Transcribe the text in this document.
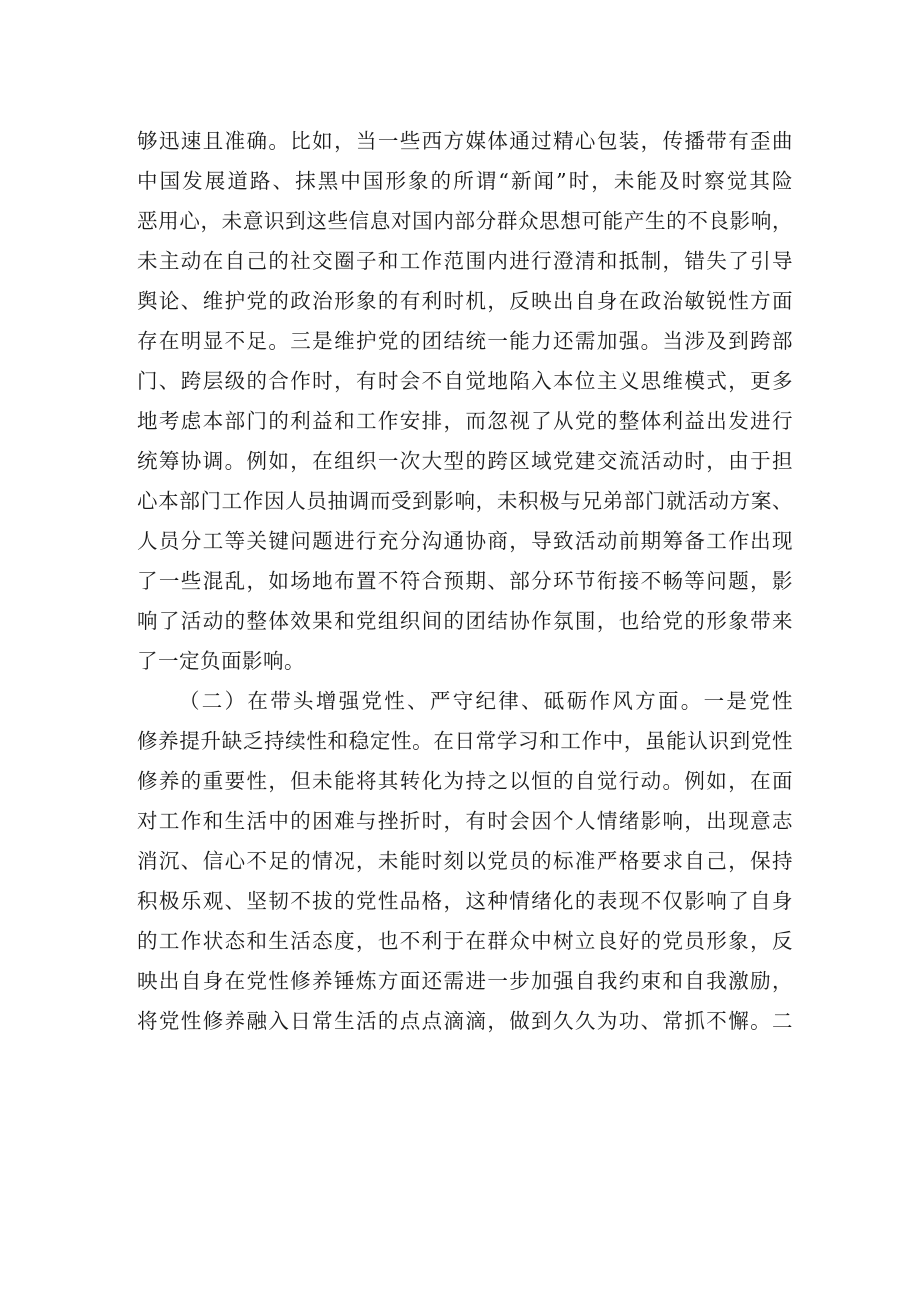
够迅速且准确。比如，当一些西方媒体通过精心包装，传播带有歪曲
中国发展道路、抹黑中国形象的所谓“新闻”时，未能及时察觉其险
恶用心，未意识到这些信息对国内部分群众思想可能产生的不良影响，
未主动在自己的社交圈子和工作范围内进行澄清和抵制，错失了引导
舆论、维护党的政治形象的有利时机，反映出自身在政治敏锐性方面
存在明显不足。三是维护党的团结统一能力还需加强。当涉及到跨部
门、跨层级的合作时，有时会不自觉地陷入本位主义思维模式，更多
地考虑本部门的利益和工作安排，而忽视了从党的整体利益出发进行
统筹协调。例如，在组织一次大型的跨区域党建交流活动时，由于担
心本部门工作因人员抽调而受到影响，未积极与兄弟部门就活动方案、
人员分工等关键问题进行充分沟通协商，导致活动前期筹备工作出现
了一些混乱，如场地布置不符合预期、部分环节衔接不畅等问题，影
响了活动的整体效果和党组织间的团结协作氛围，也给党的形象带来
了一定负面影响。
（二）在带头增强党性、严守纪律、砥砺作风方面。一是党性
修养提升缺乏持续性和稳定性。在日常学习和工作中，虽能认识到党性
修养的重要性，但未能将其转化为持之以恒的自觉行动。例如，在面
对工作和生活中的困难与挫折时，有时会因个人情绪影响，出现意志
消沉、信心不足的情况，未能时刻以党员的标准严格要求自己，保持
积极乐观、坚韧不拔的党性品格，这种情绪化的表现不仅影响了自身
的工作状态和生活态度，也不利于在群众中树立良好的党员形象，反
映出自身在党性修养锤炼方面还需进一步加强自我约束和自我激励，
将党性修养融入日常生活的点点滴滴，做到久久为功、常抓不懈。二
